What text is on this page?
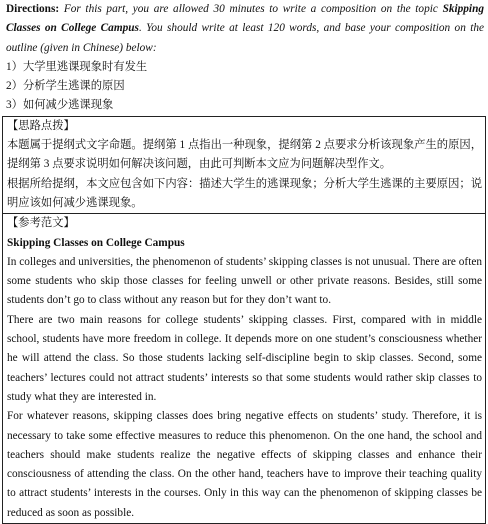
Directions: For this part, you are allowed 30 minutes to write a composition on the topic Skipping Classes on College Campus. You should write at least 120 words, and base your composition on the outline (given in Chinese) below:
1）大学里逃课现象时有发生
2）分析学生逃课的原因
3）如何减少逃课现象
【思路点拨】
本题属于提纲式文字命题。提纲第 1 点指出一种现象，提纲第 2 点要求分析该现象产生的原因，提纲第 3 点要求说明如何解决该问题，由此可判断本文应为问题解决型作文。
根据所给提纲，本文应包含如下内容：描述大学生的逃课现象；分析大学生逃课的主要原因；说明应该如何减少逃课现象。
【参考范文】
Skipping Classes on College Campus
In colleges and universities, the phenomenon of students’ skipping classes is not unusual. There are often some students who skip those classes for feeling unwell or other private reasons. Besides, still some students don’t go to class without any reason but for they don’t want to.
There are two main reasons for college students’ skipping classes. First, compared with in middle school, students have more freedom in college. It depends more on one student’s consciousness whether he will attend the class. So those students lacking self-discipline begin to skip classes. Second, some teachers’ lectures could not attract students’ interests so that some students would rather skip classes to study what they are interested in.
For whatever reasons, skipping classes does bring negative effects on students’ study. Therefore, it is necessary to take some effective measures to reduce this phenomenon. On the one hand, the school and teachers should make students realize the negative effects of skipping classes and enhance their consciousness of attending the class. On the other hand, teachers have to improve their teaching quality to attract students’ interests in the courses. Only in this way can the phenomenon of skipping classes be reduced as soon as possible.
